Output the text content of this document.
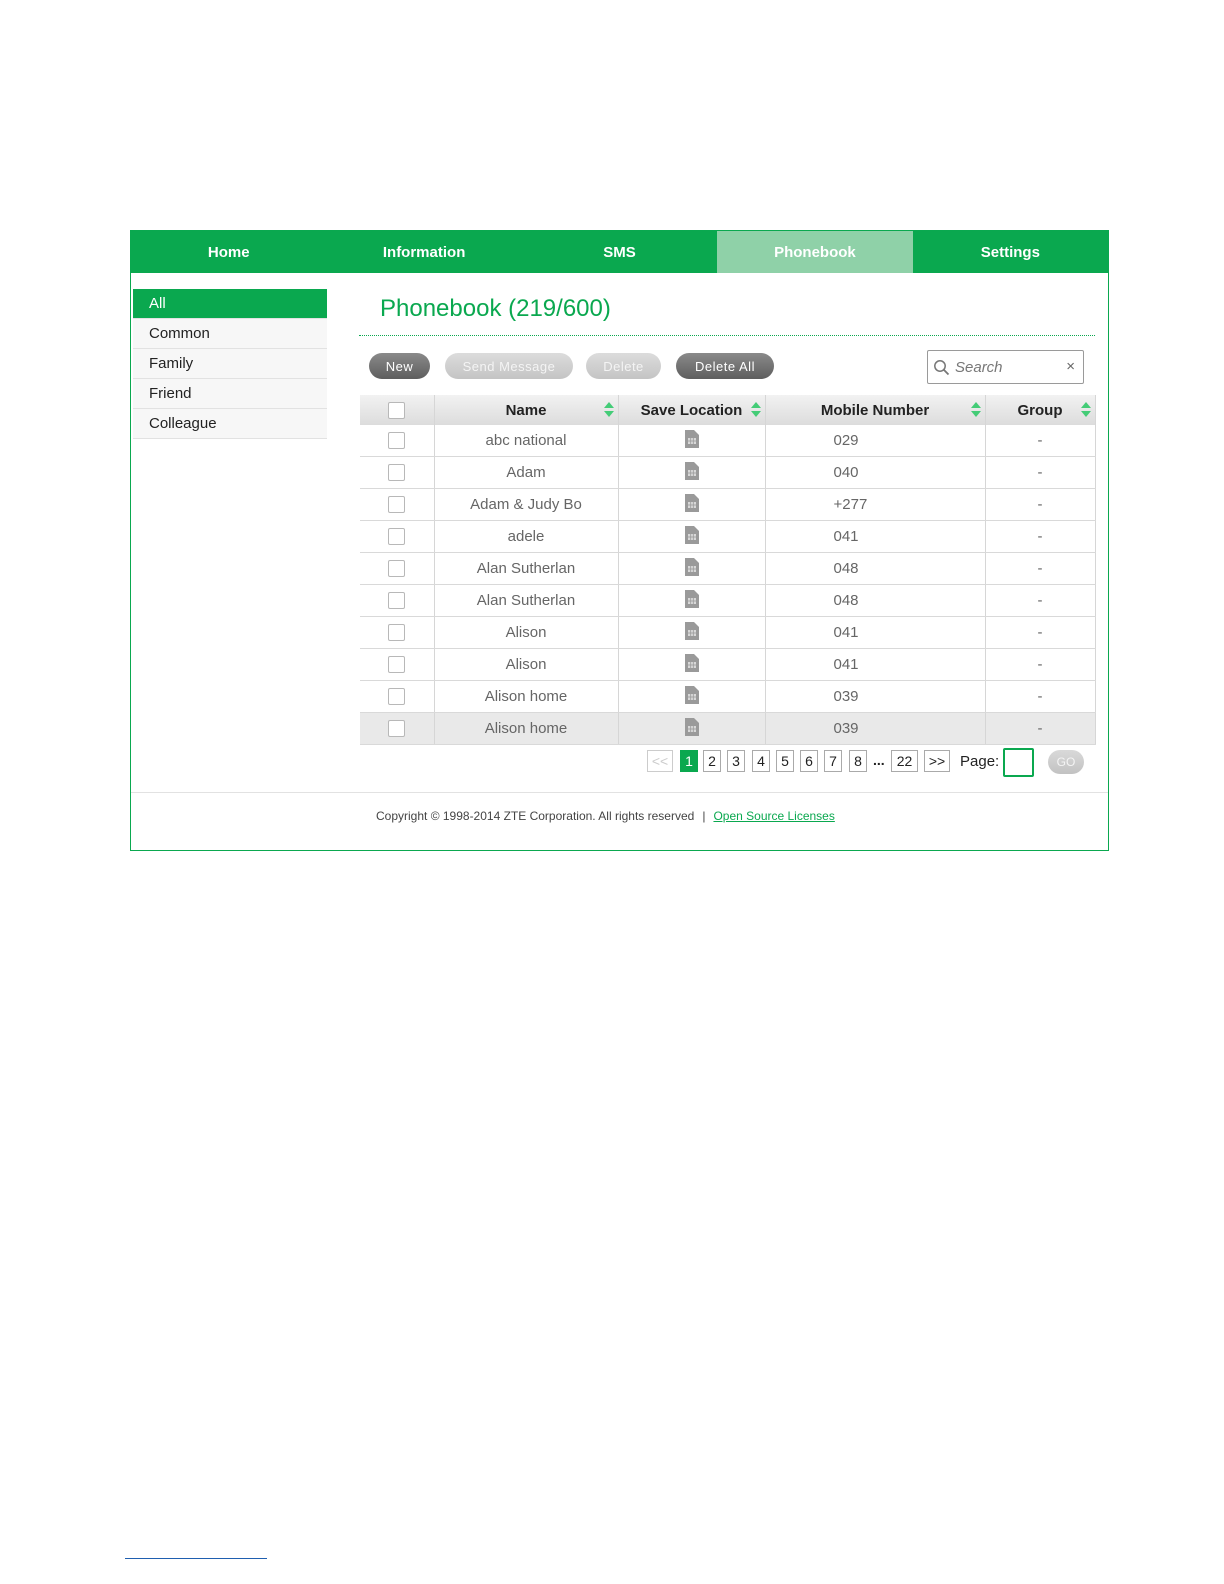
Home	Information	SMS	Phonebook	Settings
All
Common
Family
Friend
Colleague
Phonebook (219/600)
New	Send Message	Delete	Delete All
Search	×
	Name	Save Location	Mobile Number	Group

	abc national		029	-
	Adam		040	-
	Adam & Judy Bo		+277	-
	adele		041	-
	Alan Sutherlan		048	-
	Alan Sutherlan		048	-
	Alison		041	-
	Alison		041	-
	Alison home		039	-
	Alison home		039	-
<<	1	2	3	4	5	6	7	8 ... 22	>> Page:	GO
Copyright © 1998-2014 ZTE Corporation. All rights reserved | Open Source Licenses
